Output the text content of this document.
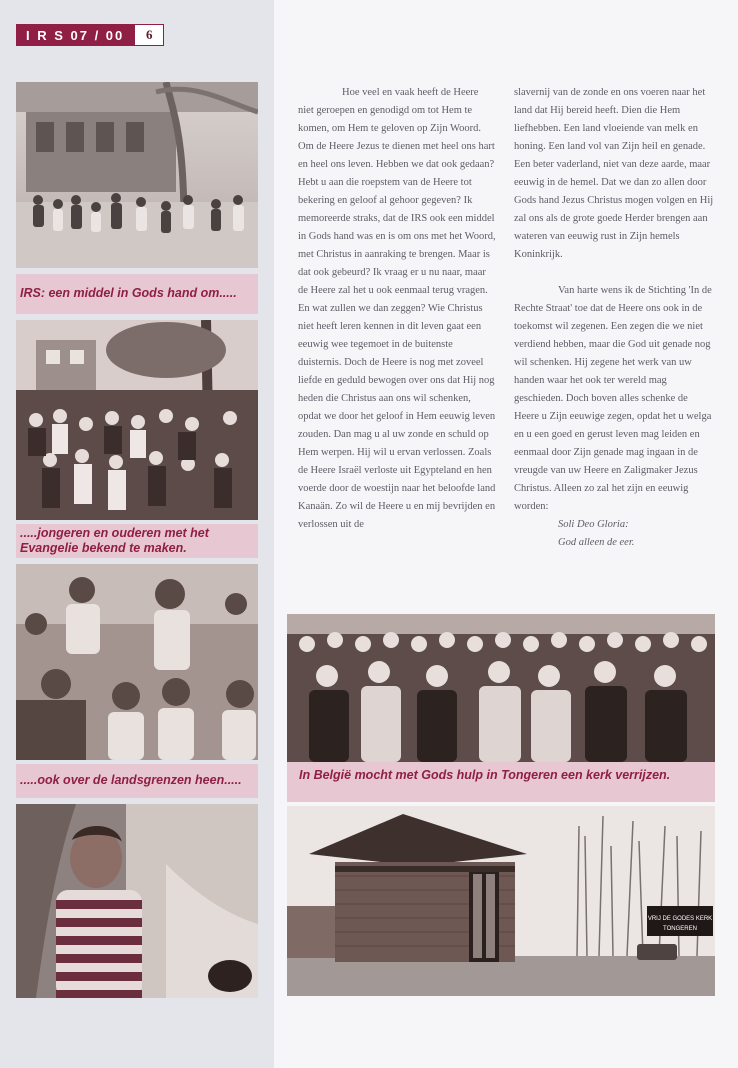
I R S 07 / 00	6
IRS: een middel in Gods hand om.....
.....jongeren en ouderen met het Evangelie bekend te maken.
.....ook over de landsgrenzen heen.....

Hoe veel en vaak heeft de Heere niet geroepen en genodigd om tot Hem te komen, om Hem te geloven op Zijn Woord. Om de Heere Jezus te dienen met heel ons hart en heel ons leven. Hebben we dat ook gedaan? Hebt u aan die roepstem van de Heere tot bekering en geloof al gehoor gegeven? Ik memoreerde straks, dat de IRS ook een middel in Gods hand was en is om ons met het Woord, met Christus in aanraking te brengen. Maar is dat ook gebeurd? Ik vraag er u nu naar, maar de Heere zal het u ook eenmaal terug vragen. En wat zullen we dan zeggen? Wie Christus niet heeft leren kennen in dit leven gaat een eeuwig wee tegemoet in de buitenste duisternis. Doch de Heere is nog met zoveel liefde en geduld bewogen over ons dat Hij nog heden die Christus aan ons wil schenken, opdat we door het geloof in Hem eeuwig leven zouden. Dan mag u al uw zonde en schuld op Hem werpen. Hij wil u ervan verlossen. Zoals de Heere Israël verloste uit Egypteland en hen voerde door de woestijn naar het beloofde land Kanaän. Zo wil de Heere u en mij bevrijden en verlossen uit de

slavernij van de zonde en ons voeren naar het land dat Hij bereid heeft. Dien die Hem liefhebben. Een land vloeiende van melk en honing. Een land vol van Zijn heil en genade. Een beter vaderland, niet van deze aarde, maar eeuwig in de hemel. Dat we dan zo allen door Gods hand Jezus Christus mogen volgen en Hij zal ons als de grote goede Herder brengen aan wateren van eeuwig rust in Zijn hemels Koninkrijk.

Van harte wens ik de Stichting 'In de Rechte Straat' toe dat de Heere ons ook in de toekomst wil zegenen. Een zegen die we niet verdiend hebben, maar die God uit genade nog wil schenken. Hij zegene het werk van uw handen waar het ook ter wereld mag geschieden. Doch boven alles schenke de Heere u Zijn eeuwige zegen, opdat het u welga en u een goed en gerust leven mag leiden en eenmaal door Zijn genade mag ingaan in de vreugde van uw Heere en Zaligmaker Jezus Christus. Alleen zo zal het zijn en eeuwig worden:

Soli Deo Gloria:

God alleen de eer.

In België mocht met Gods hulp in Tongeren een kerk verrijzen.
VRIJ DE GODES KERK
TONGEREN
